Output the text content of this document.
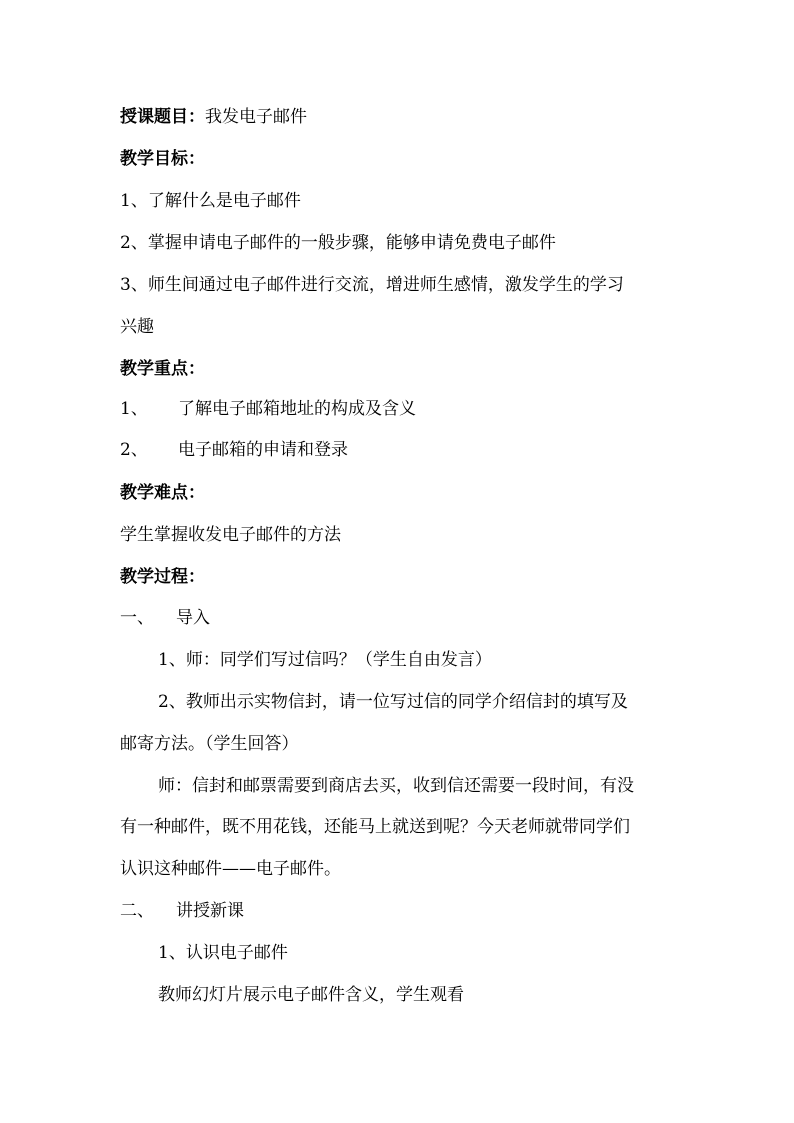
授课题目：我发电子邮件
教学目标：
1、了解什么是电子邮件
2、掌握申请电子邮件的一般步骤，能够申请免费电子邮件
3、师生间通过电子邮件进行交流，增进师生感情，激发学生的学习
兴趣
教学重点：
1、 了解电子邮箱地址的构成及含义
2、 电子邮箱的申请和登录
教学难点：
学生掌握收发电子邮件的方法
教学过程：
一、 导入
1、师：同学们写过信吗？（学生自由发言）
2、教师出示实物信封，请一位写过信的同学介绍信封的填写及
邮寄方法。（学生回答）
师：信封和邮票需要到商店去买，收到信还需要一段时间，有没
有一种邮件，既不用花钱，还能马上就送到呢？今天老师就带同学们
认识这种邮件——电子邮件。
二、 讲授新课
1、认识电子邮件
教师幻灯片展示电子邮件含义，学生观看
